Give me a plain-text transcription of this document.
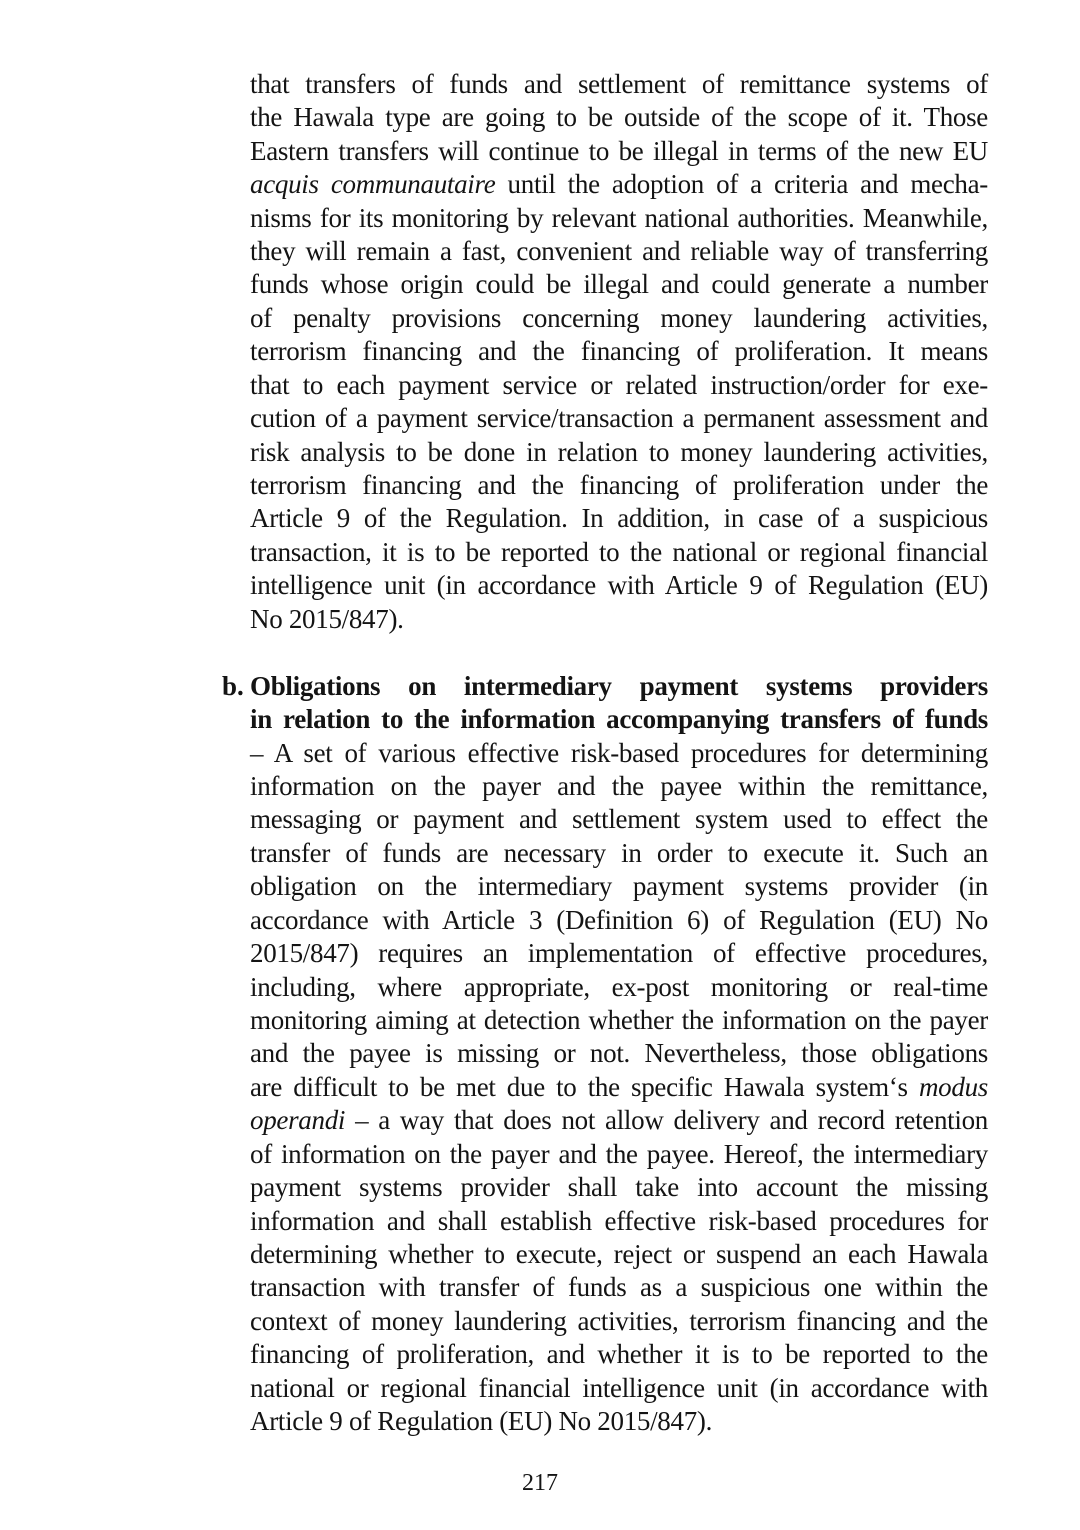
that transfers of funds and settlement of remittance systems of
the Hawala type are going to be outside of the scope of it. Those
Eastern transfers will continue to be illegal in terms of the new EU
acquis communautaire until the adoption of a criteria and mecha-
nisms for its monitoring by relevant national authorities. Meanwhile,
they will remain a fast, convenient and reliable way of transferring
funds whose origin could be illegal and could generate a number
of penalty provisions concerning money laundering activities,
terrorism financing and the financing of proliferation. It means
that to each payment service or related instruction/order for exe-
cution of a payment service/transaction a permanent assessment and
risk analysis to be done in relation to money laundering activities,
terrorism financing and the financing of proliferation under the
Article 9 of the Regulation. In addition, in case of a suspicious
transaction, it is to be reported to the national or regional financial
intelligence unit (in accordance with Article 9 of Regulation (EU)
No 2015/847).
b. Obligations on intermediary payment systems providers
in relation to the information accompanying transfers of funds
– A set of various effective risk-based procedures for determining
information on the payer and the payee within the remittance,
messaging or payment and settlement system used to effect the
transfer of funds are necessary in order to execute it. Such an
obligation on the intermediary payment systems provider (in
accordance with Article 3 (Definition 6) of Regulation (EU) No
2015/847) requires an implementation of effective procedures,
including, where appropriate, ex-post monitoring or real-time
monitoring aiming at detection whether the information on the payer
and the payee is missing or not. Nevertheless, those obligations
are difficult to be met due to the specific Hawala system‘s modus
operandi – a way that does not allow delivery and record retention
of information on the payer and the payee. Hereof, the intermediary
payment systems provider shall take into account the missing
information and shall establish effective risk-based procedures for
determining whether to execute, reject or suspend an each Hawala
transaction with transfer of funds as a suspicious one within the
context of money laundering activities, terrorism financing and the
financing of proliferation, and whether it is to be reported to the
national or regional financial intelligence unit (in accordance with
Article 9 of Regulation (EU) No 2015/847).
217
